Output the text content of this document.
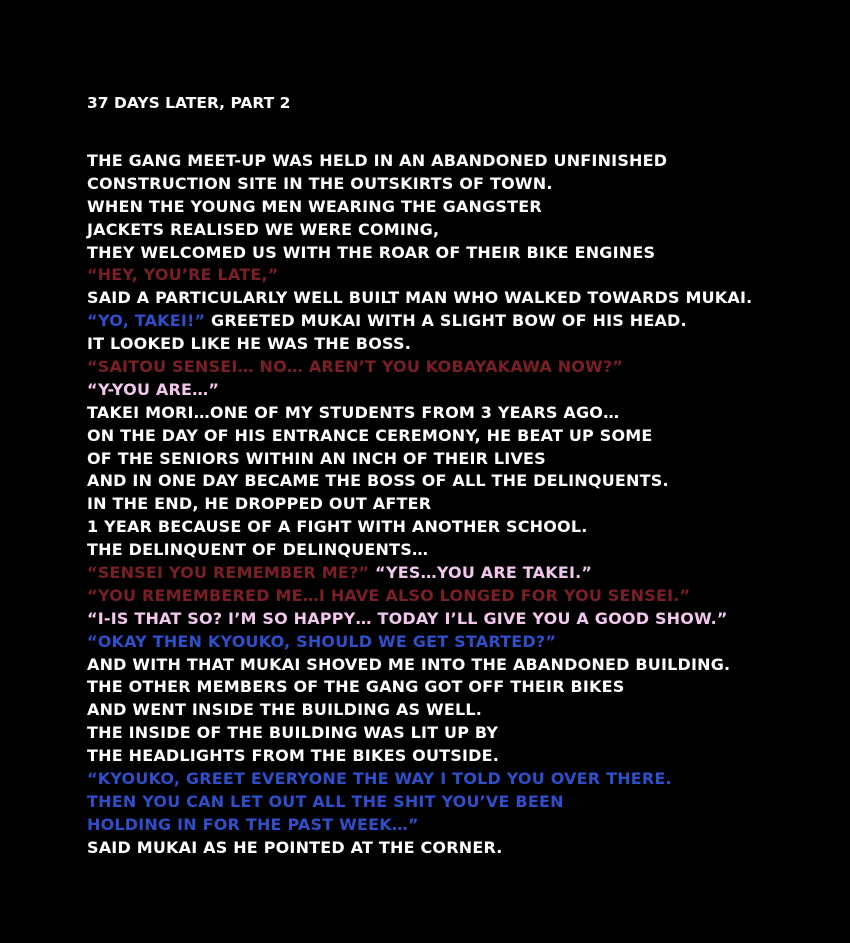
37 DAYS LATER, PART 2
THE GANG MEET-UP WAS HELD IN AN ABANDONED UNFINISHED
CONSTRUCTION SITE IN THE OUTSKIRTS OF TOWN.
WHEN THE YOUNG MEN WEARING THE GANGSTER
JACKETS REALISED WE WERE COMING,
THEY WELCOMED US WITH THE ROAR OF THEIR BIKE ENGINES
“HEY, YOU’RE LATE,”
SAID A PARTICULARLY WELL BUILT MAN WHO WALKED TOWARDS MUKAI.
“YO, TAKEI!” GREETED MUKAI WITH A SLIGHT BOW OF HIS HEAD.
IT LOOKED LIKE HE WAS THE BOSS.
“SAITOU SENSEI… NO… AREN’T YOU KOBAYAKAWA NOW?”
“Y-YOU ARE…”
TAKEI MORI…ONE OF MY STUDENTS FROM 3 YEARS AGO…
ON THE DAY OF HIS ENTRANCE CEREMONY, HE BEAT UP SOME
OF THE SENIORS WITHIN AN INCH OF THEIR LIVES
AND IN ONE DAY BECAME THE BOSS OF ALL THE DELINQUENTS.
IN THE END, HE DROPPED OUT AFTER
1 YEAR BECAUSE OF A FIGHT WITH ANOTHER SCHOOL.
THE DELINQUENT OF DELINQUENTS…
“SENSEI YOU REMEMBER ME?” “YES…YOU ARE TAKEI.”
“YOU REMEMBERED ME…I HAVE ALSO LONGED FOR YOU SENSEI.”
“I-IS THAT SO? I’M SO HAPPY… TODAY I’LL GIVE YOU A GOOD SHOW.”
“OKAY THEN KYOUKO, SHOULD WE GET STARTED?”
AND WITH THAT MUKAI SHOVED ME INTO THE ABANDONED BUILDING.
THE OTHER MEMBERS OF THE GANG GOT OFF THEIR BIKES
AND WENT INSIDE THE BUILDING AS WELL.
THE INSIDE OF THE BUILDING WAS LIT UP BY
THE HEADLIGHTS FROM THE BIKES OUTSIDE.
“KYOUKO, GREET EVERYONE THE WAY I TOLD YOU OVER THERE.
THEN YOU CAN LET OUT ALL THE SHIT YOU’VE BEEN
HOLDING IN FOR THE PAST WEEK…”
SAID MUKAI AS HE POINTED AT THE CORNER.
